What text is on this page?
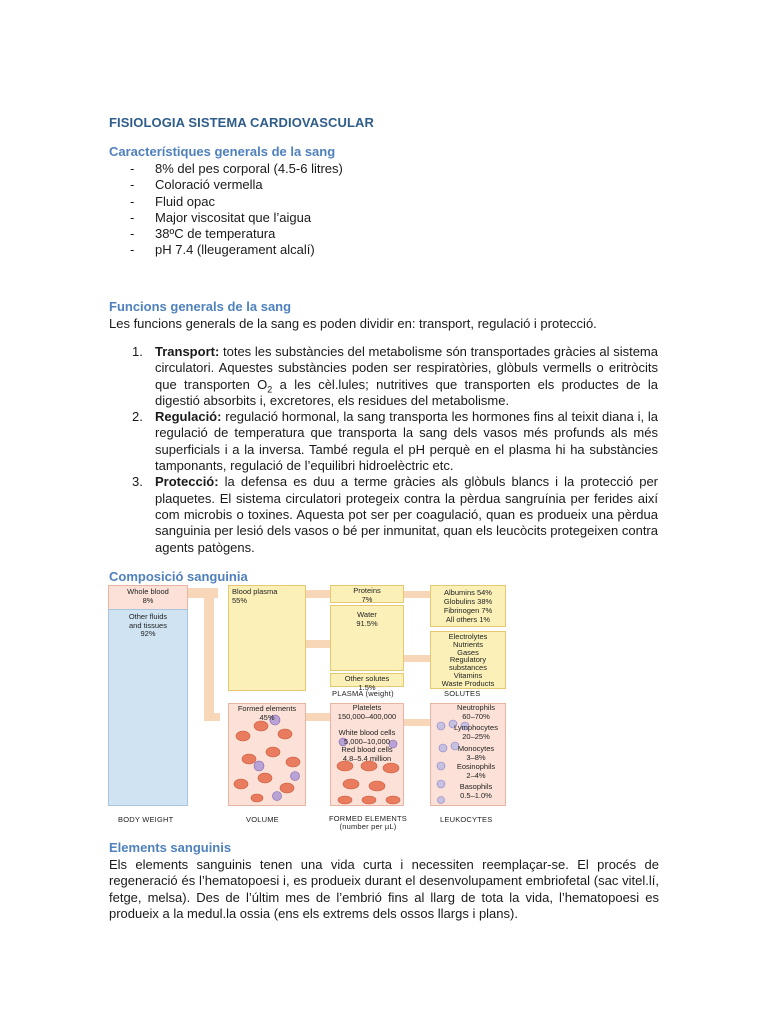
FISIOLOGIA SISTEMA CARDIOVASCULAR
Característiques generals de la sang
- 8% del pes corporal (4.5-6 litres)
- Coloració vermella
- Fluid opac
- Major viscositat que l’aigua
- 38ºC de temperatura
- pH 7.4 (lleugerament alcalí)
Funcions generals de la sang
Les funcions generals de la sang es poden dividir en: transport, regulació i protecció.
1. Transport: totes les substàncies del metabolisme són transportades gràcies al sistema circulatori. Aquestes substàncies poden ser respiratòries, glòbuls vermells o eritròcits que transporten $O_2$ a les cèl.lules; nutritives que transporten els productes de la digestió absorbits i, excretores, els residues del metabolisme.
2. Regulació: regulació hormonal, la sang transporta les hormones fins al teixit diana i, la regulació de temperatura que transporta la sang dels vasos més profunds als més superficials i a la inversa. També regula el pH perquè en el plasma hi ha substàncies tamponants, regulació de l’equilibri hidroelèctric etc.
3. Protecció: la defensa es duu a terme gràcies als glòbuls blancs i la protecció per plaquetes. El sistema circulatori protegeix contra la pèrdua sangruínia per ferides així com microbis o toxines. Aquesta pot ser per coagulació, quan es produeix una pèrdua sanguinia per lesió dels vasos o bé per inmunitat, quan els leucòcits protegeixen contra agents patògens.
Composició sanguinia
Whole blood
8%
Other fluids
and tissues
92%
Blood plasma
55%
Formed elements
45%
Proteins
7%
Water
91.5%
Other solutes
1.5%
PLASMA (weight)
Platelets
150,000–400,000
White blood cells
5,000–10,000
Red blood cells
4.8–5.4 million
Albumins 54%
Globulins 38%
Fibrinogen 7%
All others 1%
Electrolytes
Nutrients
Gases
Regulatory
substances
Vitamins
Waste Products
SOLUTES
Neutrophils
60–70%
Lymphocytes
20–25%
Monocytes
3–8%
Eosinophils
2–4%
Basophils
0.5–1.0%
BODY WEIGHT	VOLUME	FORMED ELEMENTS
(number per µL)
LEUKOCYTES
Elements sanguinis
Els elements sanguinis tenen una vida curta i necessiten reemplaçar-se. El procés de regeneració és l’hematopoesi i, es produeix durant el desenvolupament embriofetal (sac vitel.lí, fetge, melsa). Des de l’últim mes de l’embrió fins al llarg de tota la vida, l’hematopoesi es produeix a la medul.la ossia (ens els extrems dels ossos llargs i plans).
